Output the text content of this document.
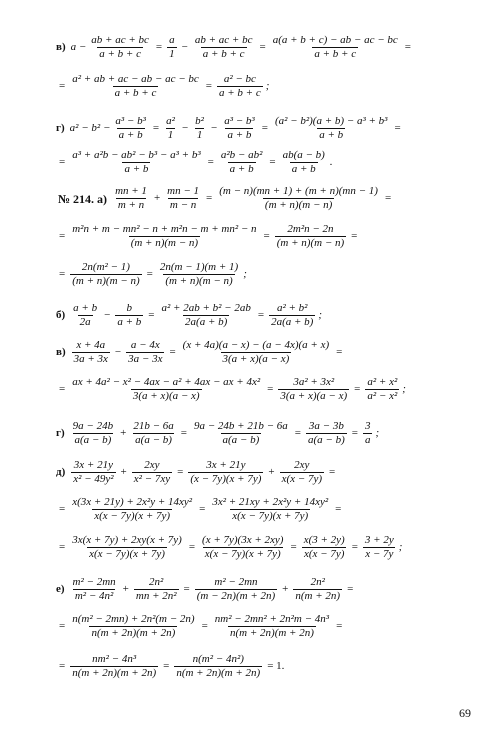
в) $a - \frac{ab + ac + bc}{a + b + c} = \frac{a}{1} - \frac{ab + ac + bc}{a + b + c} = \frac{a(a + b + c) - ab - ac - bc}{a + b + c}$ =
= $\frac{\text{a² + ab + ac − ab − ac − bc}}{a + b + c} = \frac{\text{a² − bc}}{a + b + c}$ ;
г) $a^2 - b^2 - \frac{\text{a³ − b³}}{a + b} = \frac{\text{a²}}{1} - \frac{\text{b²}}{1} - \frac{\text{a³ − b³}}{a + b} = \frac{\text{(a² − b²)(a + b) − a³ + b³}}{a + b}$ =
= $\frac{\text{a³ + a²b − ab² − b³ − a³ + b³}}{a + b} = \frac{\text{a²b − ab²}}{a + b} = \frac{ab(a - b)}{a + b}$ .
№ 214. $а) \frac{mn + 1}{m + n} + \frac{mn - 1}{m - n} = \frac{(m - n)(mn + 1) + (m + n)(mn - 1)}{(m + n)(m - n)}$ =
= $\frac{\text{m²n + m − mn² − n + m²n − m + mn² − n}}{(m + n)(m - n)} = \frac{\text{2m²n − 2n}}{(m + n)(m - n)}$ =
= $\frac{\text{2n(m² − 1)}}{(m + n)(m - n)} = \frac{2n(m - 1)(m + 1)}{(m + n)(m - n)}$ ;
$б) \frac{a + b}{2a} - \frac{b}{a + b} = \frac{\text{a² + 2ab + b² − 2ab}}{2a(a + b)} = \frac{\text{a² + b²}}{2a(a + b)}$ ;
$в) \frac{x + 4a}{3a + 3x} - \frac{a - 4x}{3a - 3x} = \frac{(x + 4a)(a - x) - (a - 4x)(a + x)}{3(a + x)(a - x)}$ =
= $\frac{\text{ax + 4a² − x² − 4ax − a² + 4ax − ax + 4x²}}{3(a + x)(a - x)} = \frac{\text{3a² + 3x²}}{3(a + x)(a - x)} = \frac{\text{a² + x²}}{\text{a² − x²}}$ ;
$г) \frac{9a - 24b}{a(a - b)} + \frac{21b - 6a}{a(a - b)} = \frac{9a - 24b + 21b - 6a}{a(a - b)} = \frac{3a - 3b}{a(a - b)} = \frac{3}{a}$ ;
$д) \frac{3x + 21y}{\text{x² − 49y²}} + \frac{2xy}{\text{x² − 7xy}} = \frac{3x + 21y}{(x - 7y)(x + 7y)} + \frac{2xy}{x(x - 7y)}$ =
= $\frac{\text{x(3x + 21y) + 2x²y + 14xy²}}{x(x - 7y)(x + 7y)} = \frac{\text{3x² + 21xy + 2x²y + 14xy²}}{x(x - 7y)(x + 7y)}$ =
= $\frac{3x(x + 7y) + 2xy(x + 7y)}{x(x - 7y)(x + 7y)} = \frac{(x + 7y)(3x + 2xy)}{x(x - 7y)(x + 7y)} = \frac{x(3 + 2y)}{x(x - 7y)} = \frac{3 + 2y}{x - 7y}$ ;
$е) \frac{\text{m² − 2mn}}{\text{m² − 4n²}} + \frac{\text{2n²}}{\text{mn + 2n²}} = \frac{\text{m² − 2mn}}{(m - 2n)(m + 2n)} + \frac{\text{2n²}}{n(m + 2n)}$ =
= $\frac{\text{n(m² − 2mn) + 2n²(m − 2n)}}{n(m + 2n)(m + 2n)} = \frac{\text{nm² − 2mn² + 2n²m − 4n³}}{n(m + 2n)(m + 2n)}$ =
= $\frac{\text{nm² − 4n³}}{n(m + 2n)(m + 2n)} = \frac{\text{n(m² − 4n²)}}{n(m + 2n)(m + 2n)} = 1$.
69
